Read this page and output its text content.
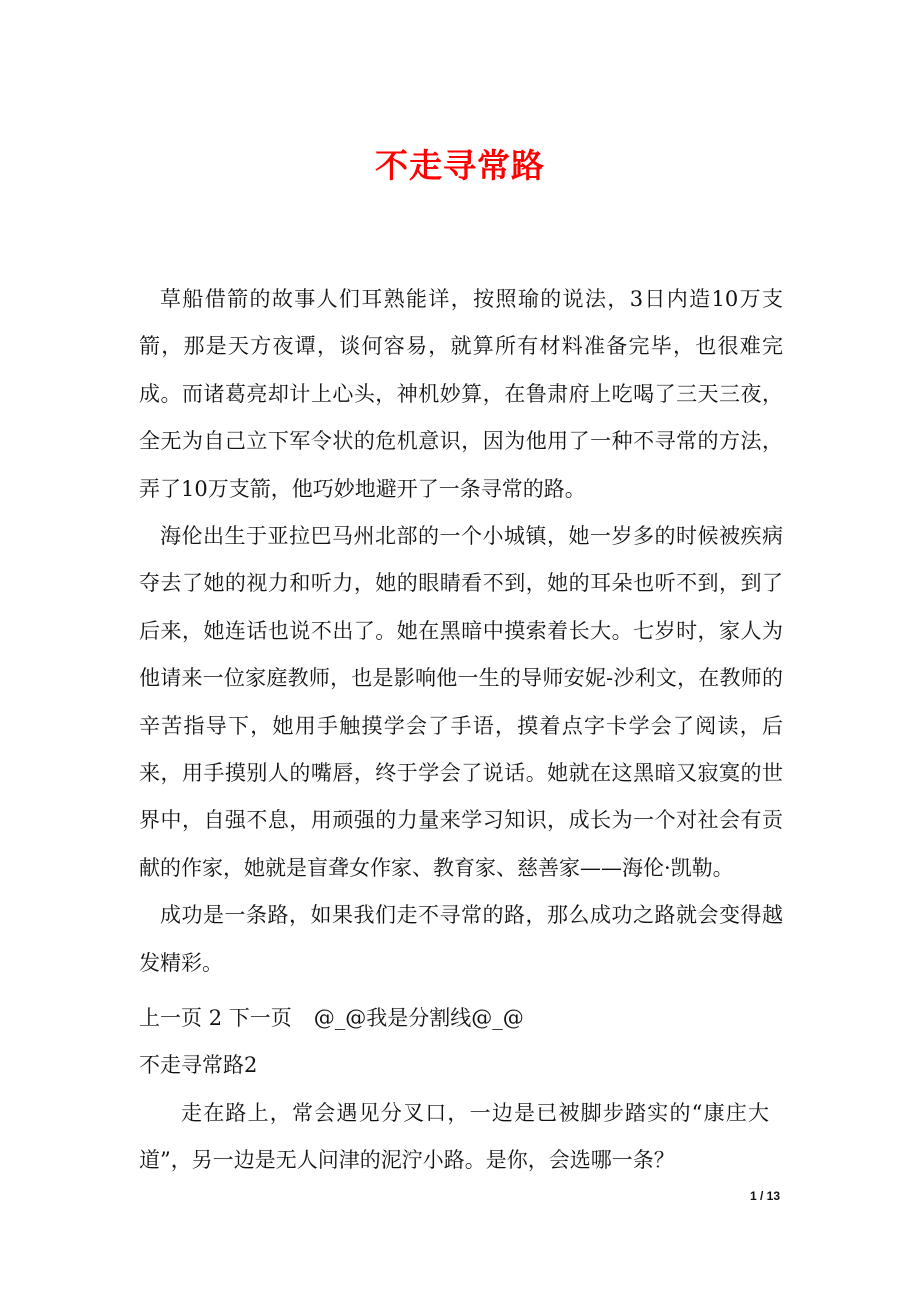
不走寻常路

草船借箭的故事人们耳熟能详，按照瑜的说法，3日内造10万支箭，那是天方夜谭，谈何容易，就算所有材料准备完毕，也很难完成。而诸葛亮却计上心头，神机妙算，在鲁肃府上吃喝了三天三夜，全无为自己立下军令状的危机意识，因为他用了一种不寻常的方法，弄了10万支箭，他巧妙地避开了一条寻常的路。

海伦出生于亚拉巴马州北部的一个小城镇，她一岁多的时候被疾病夺去了她的视力和听力，她的眼睛看不到，她的耳朵也听不到，到了后来，她连话也说不出了。她在黑暗中摸索着长大。七岁时，家人为他请来一位家庭教师，也是影响他一生的导师安妮-沙利文，在教师的辛苦指导下，她用手触摸学会了手语，摸着点字卡学会了阅读，后来，用手摸别人的嘴唇，终于学会了说话。她就在这黑暗又寂寞的世界中，自强不息，用顽强的力量来学习知识，成长为一个对社会有贡献的作家，她就是盲聋女作家、教育家、慈善家——海伦·凯勒。

成功是一条路，如果我们走不寻常的路，那么成功之路就会变得越发精彩。

上一页 2 下一页 @_@我是分割线@_@
不走寻常路2

走在路上，常会遇见分叉口，一边是已被脚步踏实的“康庄大道”，另一边是无人问津的泥泞小路。是你，会选哪一条？

1 / 13
